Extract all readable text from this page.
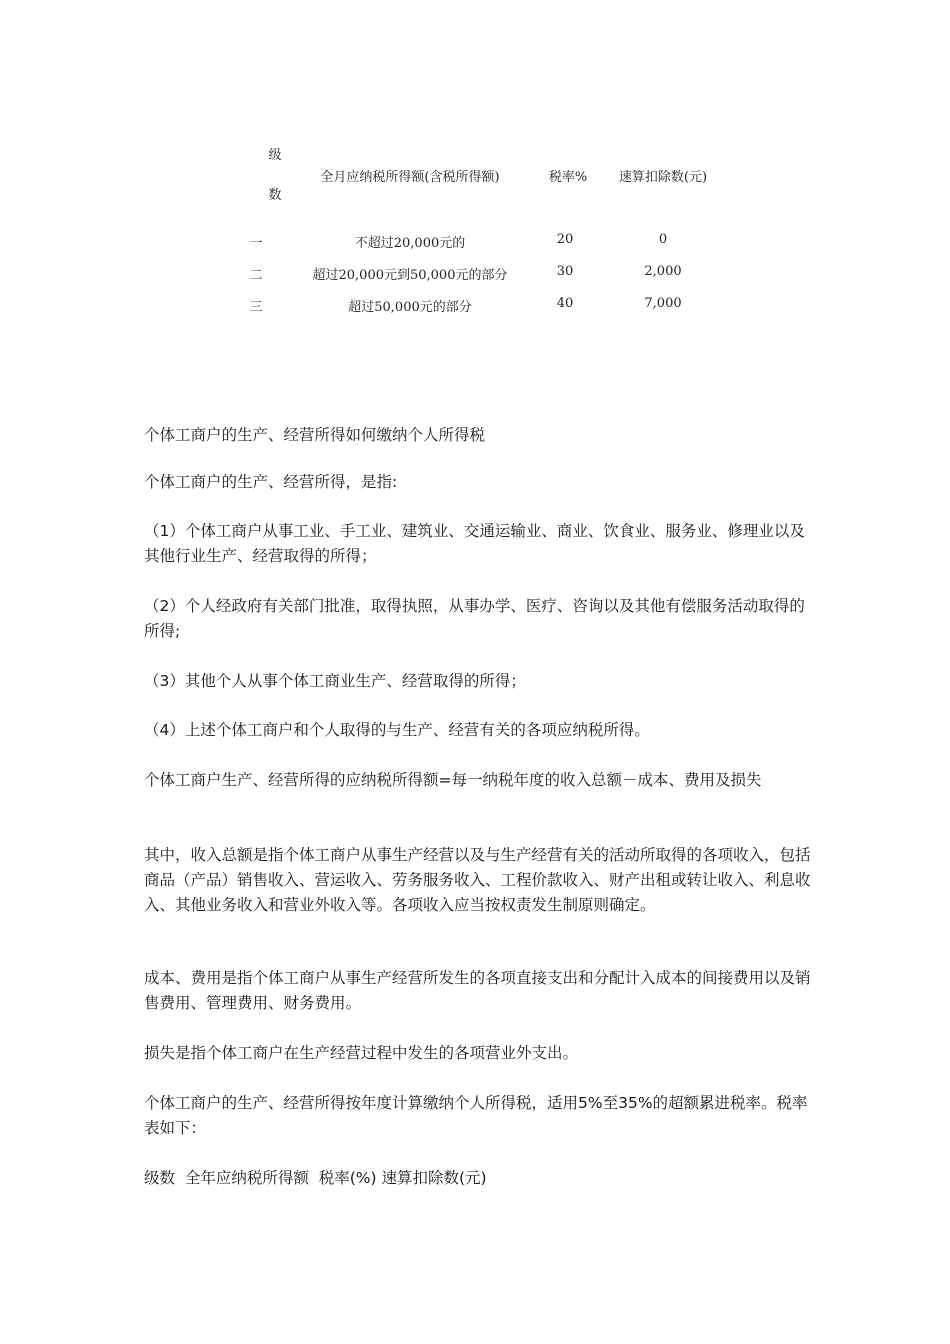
级
数
全月应纳税所得额(含税所得额)	税率%	速算扣除数(元)
一	不超过20,000元的	20	0
二	超过20,000元到50,000元的部分	30	2,000
三	超过50,000元的部分	40	7,000

个体工商户的生产、经营所得如何缴纳个人所得税

个体工商户的生产、经营所得，是指:

（1）个体工商户从事工业、手工业、建筑业、交通运输业、商业、饮食业、服务业、修理业以及其他行业生产、经营取得的所得；

（2）个人经政府有关部门批准，取得执照，从事办学、医疗、咨询以及其他有偿服务活动取得的所得;

（3）其他个人从事个体工商业生产、经营取得的所得；

（4）上述个体工商户和个人取得的与生产、经营有关的各项应纳税所得。

个体工商户生产、经营所得的应纳税所得额=每一纳税年度的收入总额－成本、费用及损失

其中，收入总额是指个体工商户从事生产经营以及与生产经营有关的活动所取得的各项收入，包括商品（产品）销售收入、营运收入、劳务服务收入、工程价款收入、财产出租或转让收入、利息收入、其他业务收入和营业外收入等。各项收入应当按权责发生制原则确定。

成本、费用是指个体工商户从事生产经营所发生的各项直接支出和分配计入成本的间接费用以及销售费用、管理费用、财务费用。

损失是指个体工商户在生产经营过程中发生的各项营业外支出。

个体工商户的生产、经营所得按年度计算缴纳个人所得税，适用5%至35%的超额累进税率。税率表如下：

级数  全年应纳税所得额  税率(%) 速算扣除数(元)
